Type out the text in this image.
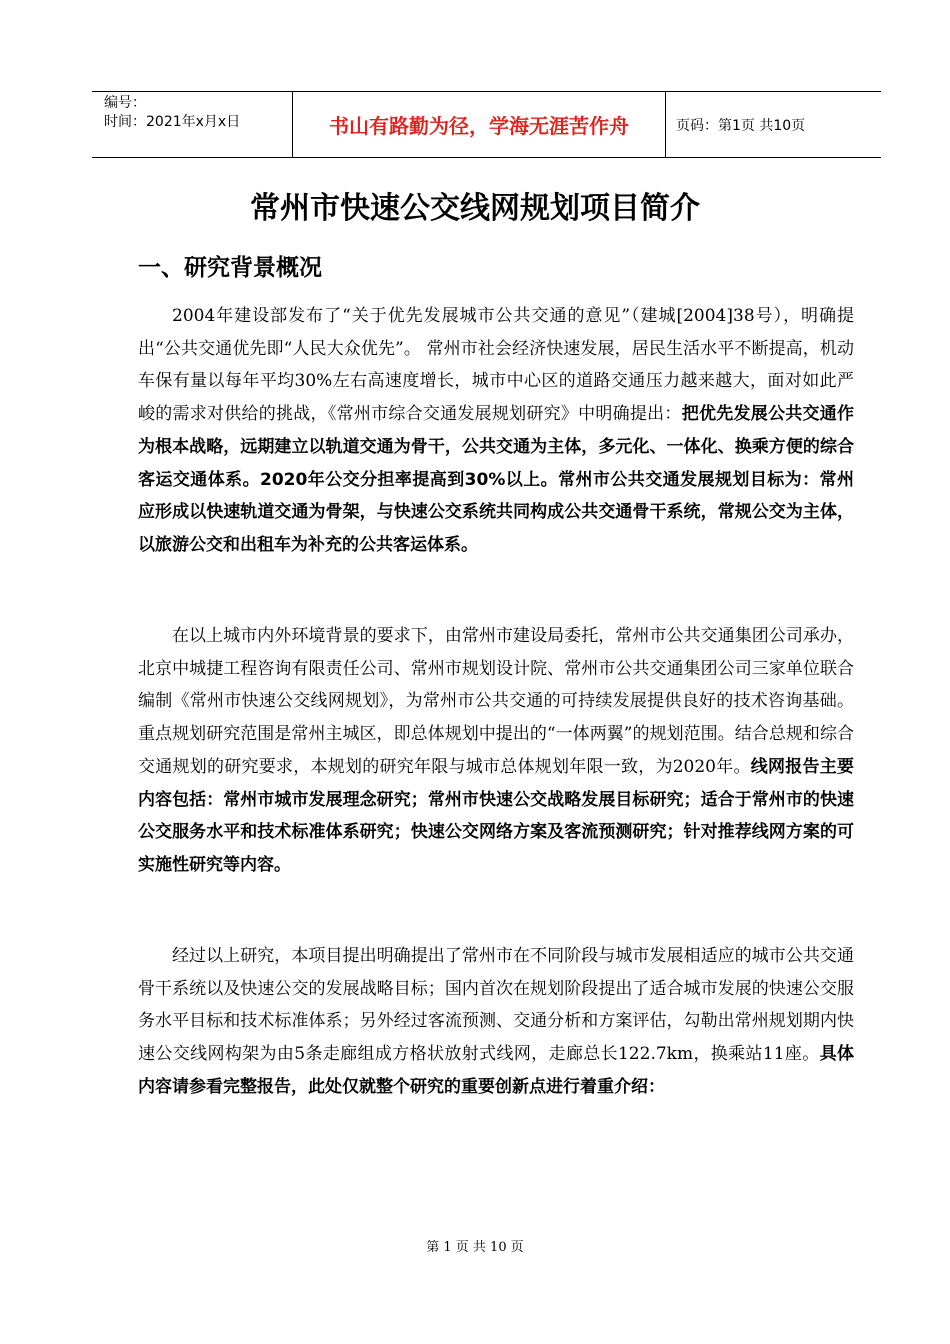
编号：
时间：2021年x月x日	书山有路勤为径，学海无涯苦作舟	页码：第1页 共10页
常州市快速公交线网规划项目简介
一、研究背景概况

2004年建设部发布了“关于优先发展城市公共交通的意见”（建城[2004]38号），明确提出“公共交通优先即“人民大众优先”。 常州市社会经济快速发展，居民生活水平不断提高，机动车保有量以每年平均30%左右高速度增长，城市中心区的道路交通压力越来越大，面对如此严峻的需求对供给的挑战，《常州市综合交通发展规划研究》中明确提出：把优先发展公共交通作为根本战略，远期建立以轨道交通为骨干，公共交通为主体，多元化、一体化、换乘方便的综合客运交通体系。2020年公交分担率提高到30%以上。常州市公共交通发展规划目标为：常州应形成以快速轨道交通为骨架，与快速公交系统共同构成公共交通骨干系统，常规公交为主体，以旅游公交和出租车为补充的公共客运体系。

在以上城市内外环境背景的要求下，由常州市建设局委托，常州市公共交通集团公司承办，北京中城捷工程咨询有限责任公司、常州市规划设计院、常州市公共交通集团公司三家单位联合编制《常州市快速公交线网规划》，为常州市公共交通的可持续发展提供良好的技术咨询基础。重点规划研究范围是常州主城区，即总体规划中提出的“一体两翼”的规划范围。结合总规和综合交通规划的研究要求，本规划的研究年限与城市总体规划年限一致，为2020年。线网报告主要内容包括：常州市城市发展理念研究；常州市快速公交战略发展目标研究；适合于常州市的快速公交服务水平和技术标准体系研究；快速公交网络方案及客流预测研究；针对推荐线网方案的可实施性研究等内容。

经过以上研究，本项目提出明确提出了常州市在不同阶段与城市发展相适应的城市公共交通骨干系统以及快速公交的发展战略目标；国内首次在规划阶段提出了适合城市发展的快速公交服务水平目标和技术标准体系；另外经过客流预测、交通分析和方案评估，勾勒出常州规划期内快速公交线网构架为由5条走廊组成方格状放射式线网，走廊总长122.7km，换乘站11座。具体内容请参看完整报告，此处仅就整个研究的重要创新点进行着重介绍：

第 1 页 共 10 页
